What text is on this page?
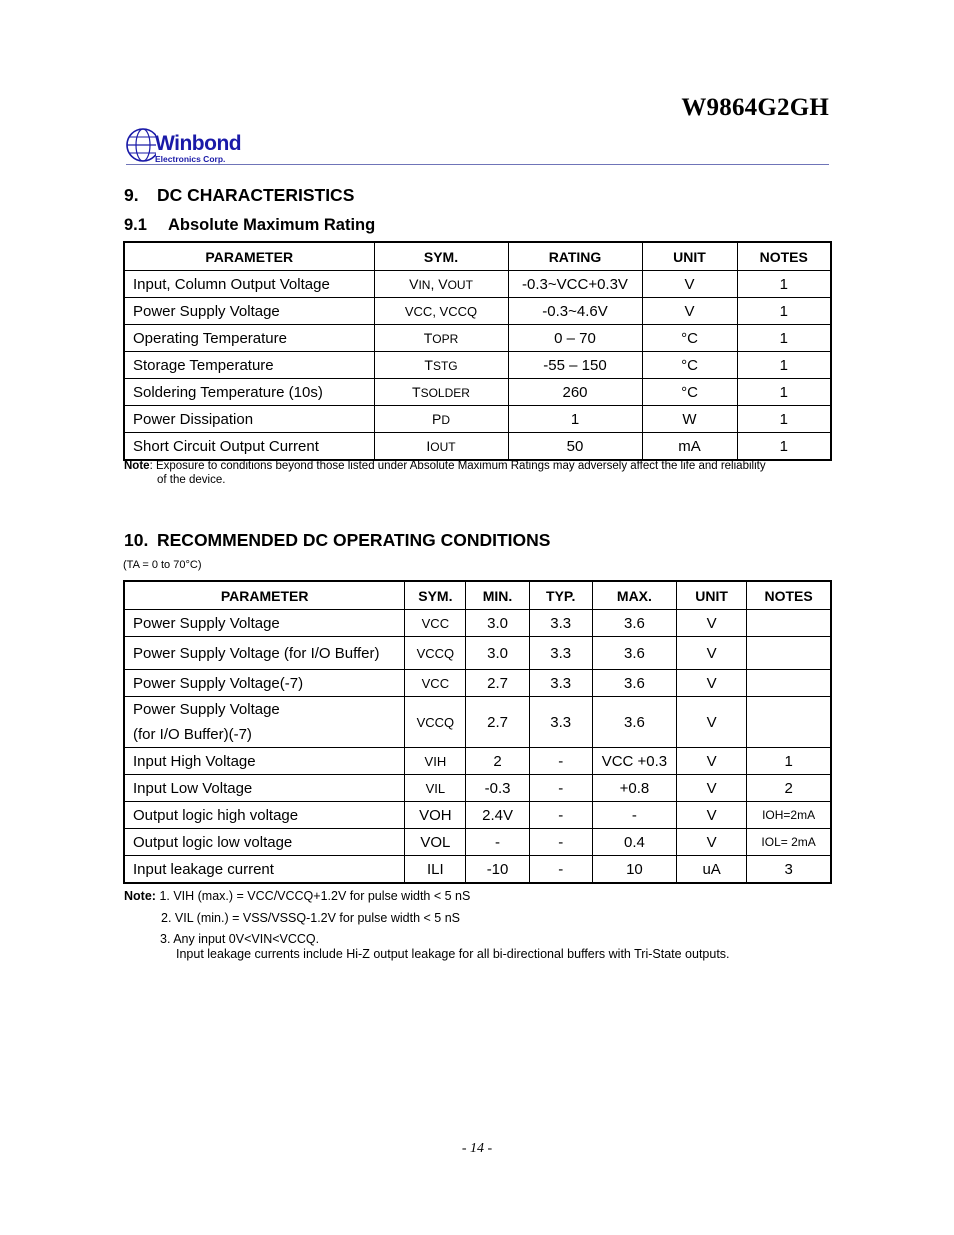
W9864G2GH
Winbond
Electronics Corp.
9. DC CHARACTERISTICS
9.1 Absolute Maximum Rating
PARAMETER	SYM.	RATING	UNIT	NOTES
Input, Column Output Voltage	VIN, VOUT	-0.3~VCC+0.3V	V	1
Power Supply Voltage	VCC, VCCQ	-0.3~4.6V	V	1
Operating Temperature	TOPR	0 – 70	°C	1
Storage Temperature	TSTG	-55 – 150	°C	1
Soldering Temperature (10s)	TSOLDER	260	°C	1
Power Dissipation	PD	1	W	1
Short Circuit Output Current	IOUT	50	mA	1
Note: Exposure to conditions beyond those listed under Absolute Maximum Ratings may adversely affect the life and reliability
of the device.
10. RECOMMENDED DC OPERATING CONDITIONS
(TA = 0 to 70°C)
PARAMETER	SYM.	MIN.	TYP.	MAX.	UNIT	NOTES
Power Supply Voltage	VCC	3.0	3.3	3.6	V	
Power Supply Voltage (for I/O Buffer)	VCCQ	3.0	3.3	3.6	V	
Power Supply Voltage(-7)	VCC	2.7	3.3	3.6	V	
Power Supply Voltage
(for I/O Buffer)(-7)	VCCQ	2.7	3.3	3.6	V	
Input High Voltage	VIH	2	-	VCC +0.3	V	1
Input Low Voltage	VIL	-0.3	-	+0.8	V	2
Output logic high voltage	VOH	2.4V	-	-	V	IOH=2mA
Output logic low voltage	VOL	-	-	0.4	V	IOL= 2mA
Input leakage current	ILI	-10	-	10	uA	3
Note: 1. VIH (max.) = VCC/VCCQ+1.2V for pulse width < 5 nS
2. VIL (min.) = VSS/VSSQ-1.2V for pulse width < 5 nS
3. Any input 0V<VIN<VCCQ.
Input leakage currents include Hi-Z output leakage for all bi-directional buffers with Tri-State outputs.
- 14 -
